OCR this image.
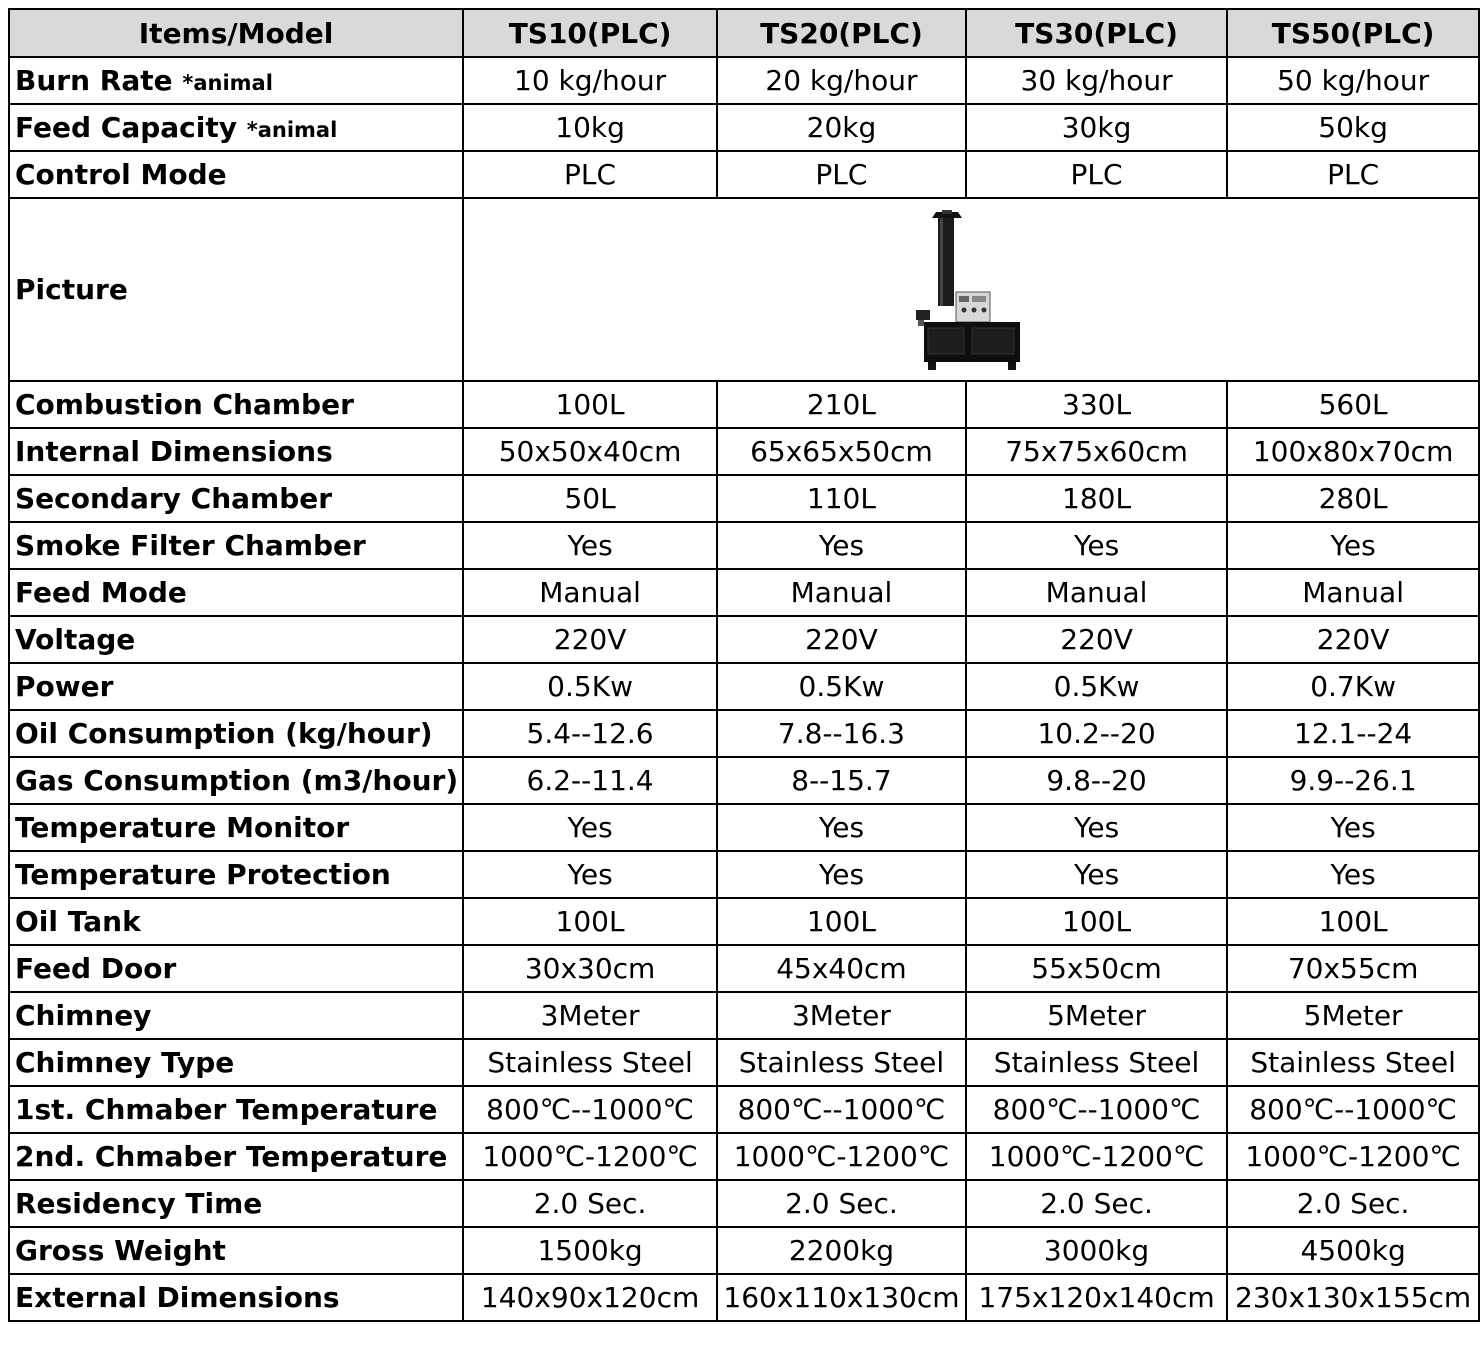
Items/Model	TS10(PLC)	TS20(PLC)	TS30(PLC)	TS50(PLC)
Burn Rate *animal	10 kg/hour	20 kg/hour	30 kg/hour	50 kg/hour
Feed Capacity *animal	10kg	20kg	30kg	50kg
Control Mode	PLC	PLC	PLC	PLC
Picture	

Combustion Chamber	100L	210L	330L	560L
Internal Dimensions	50x50x40cm	65x65x50cm	75x75x60cm	100x80x70cm
Secondary Chamber	50L	110L	180L	280L
Smoke Filter Chamber	Yes	Yes	Yes	Yes
Feed Mode	Manual	Manual	Manual	Manual
Voltage	220V	220V	220V	220V
Power	0.5Kw	0.5Kw	0.5Kw	0.7Kw
Oil Consumption (kg/hour)	5.4--12.6	7.8--16.3	10.2--20	12.1--24
Gas Consumption (m3/hour)	6.2--11.4	8--15.7	9.8--20	9.9--26.1
Temperature Monitor	Yes	Yes	Yes	Yes
Temperature Protection	Yes	Yes	Yes	Yes
Oil Tank	100L	100L	100L	100L
Feed Door	30x30cm	45x40cm	55x50cm	70x55cm
Chimney	3Meter	3Meter	5Meter	5Meter
Chimney Type	Stainless Steel	Stainless Steel	Stainless Steel	Stainless Steel
1st. Chmaber Temperature	800℃--1000℃	800℃--1000℃	800℃--1000℃	800℃--1000℃
2nd. Chmaber Temperature	1000℃-1200℃	1000℃-1200℃	1000℃-1200℃	1000℃-1200℃
Residency Time	2.0 Sec.	2.0 Sec.	2.0 Sec.	2.0 Sec.
Gross Weight	1500kg	2200kg	3000kg	4500kg
External Dimensions	140x90x120cm	160x110x130cm	175x120x140cm	230x130x155cm
